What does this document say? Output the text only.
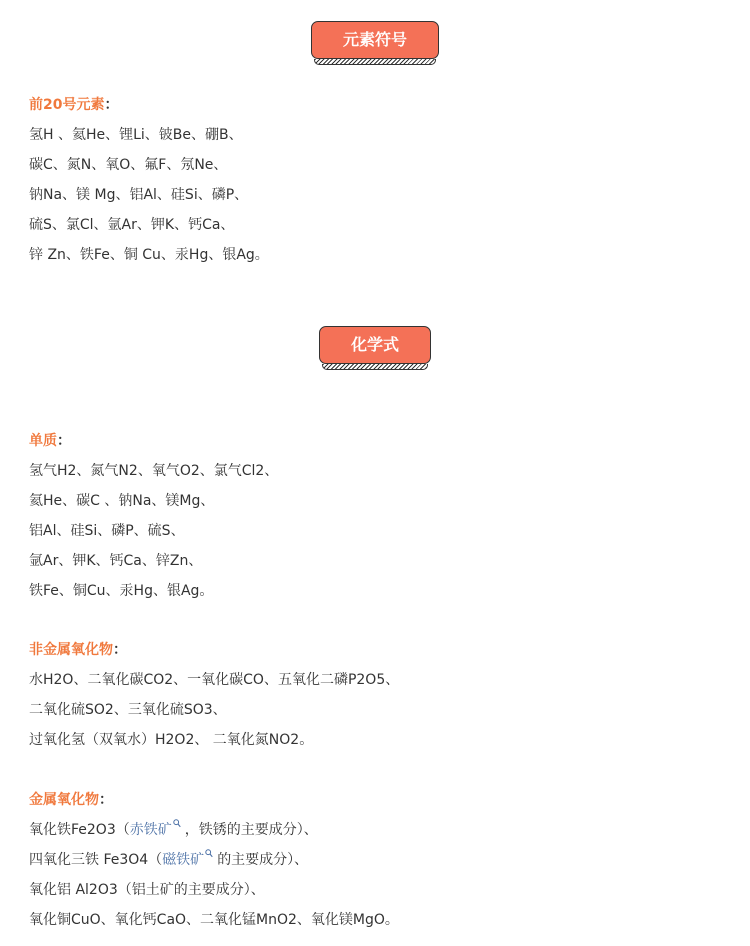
元素符号
前20号元素：
氢H 、氦He、锂Li、铍Be、硼B、
碳C、氮N、氧O、氟F、氖Ne、
钠Na、镁 Mg、铝Al、硅Si、磷P、
硫S、氯Cl、氩Ar、钾K、钙Ca、
锌 Zn、铁Fe、铜 Cu、汞Hg、银Ag。
化学式
单质：
氢气H2、氮气N2、氧气O2、氯气Cl2、
氦He、碳C 、钠Na、镁Mg、
铝Al、硅Si、磷P、硫S、
氩Ar、钾K、钙Ca、锌Zn、
铁Fe、铜Cu、汞Hg、银Ag。
非金属氧化物：
水H2O、二氧化碳CO2、一氧化碳CO、五氧化二磷P2O5、
二氧化硫SO2、三氧化硫SO3、
过氧化氢（双氧水）H2O2、 二氧化氮NO2。
金属氧化物：
氧化铁Fe2O3（赤铁矿 ，铁锈的主要成分）、
四氧化三铁 Fe3O4（磁铁矿 的主要成分）、
氧化铝 Al2O3（铝土矿的主要成分）、
氧化铜CuO、氧化钙CaO、二氧化锰MnO2、氧化镁MgO。
